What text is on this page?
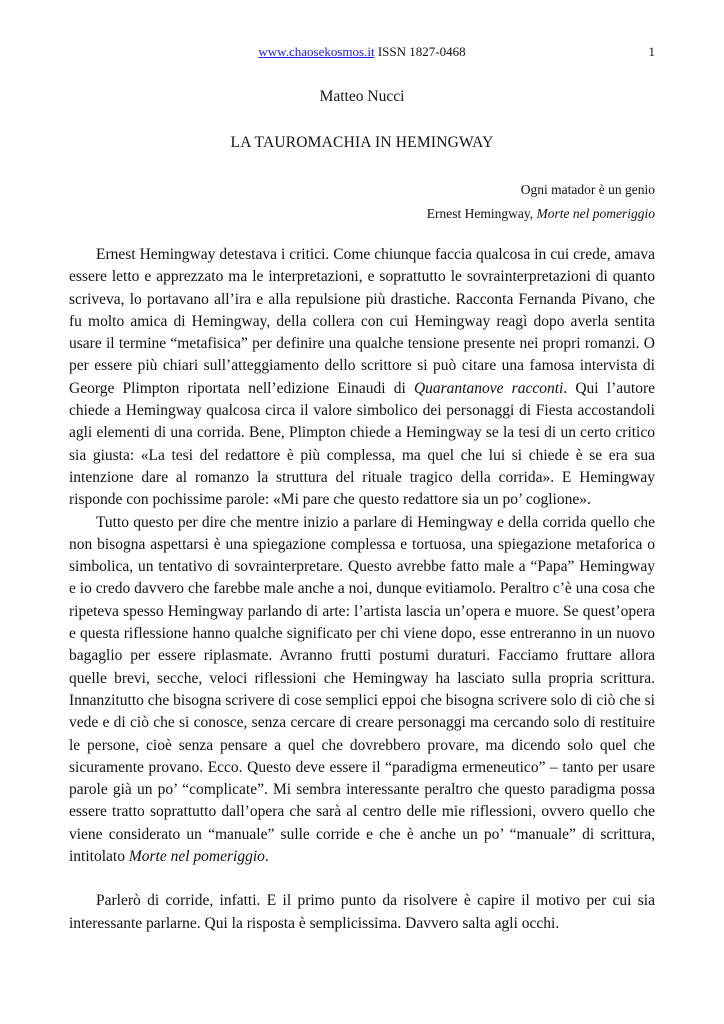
www.chaosekosmos.it ISSN 1827-0468	1
Matteo Nucci
LA TAUROMACHIA IN HEMINGWAY
Ogni matador è un genio
Ernest Hemingway, Morte nel pomeriggio

Ernest Hemingway detestava i critici. Come chiunque faccia qualcosa in cui crede, amava essere letto e apprezzato ma le interpretazioni, e soprattutto le sovrainterpretazioni di quanto scriveva, lo portavano all’ira e alla repulsione più drastiche. Racconta Fernanda Pivano, che fu molto amica di Hemingway, della collera con cui Hemingway reagì dopo averla sentita usare il termine “metafisica” per definire una qualche tensione presente nei propri romanzi. O per essere più chiari sull’atteggiamento dello scrittore si può citare una famosa intervista di George Plimpton riportata nell’edizione Einaudi di Quarantanove racconti. Qui l’autore chiede a Hemingway qualcosa circa il valore simbolico dei personaggi di Fiesta accostandoli agli elementi di una corrida. Bene, Plimpton chiede a Hemingway se la tesi di un certo critico sia giusta: «La tesi del redattore è più complessa, ma quel che lui si chiede è se era sua intenzione dare al romanzo la struttura del rituale tragico della corrida». E Hemingway risponde con pochissime parole: «Mi pare che questo redattore sia un po’ coglione».

Tutto questo per dire che mentre inizio a parlare di Hemingway e della corrida quello che non bisogna aspettarsi è una spiegazione complessa e tortuosa, una spiegazione metaforica o simbolica, un tentativo di sovrainterpretare. Questo avrebbe fatto male a “Papa” Hemingway e io credo davvero che farebbe male anche a noi, dunque evitiamolo. Peraltro c’è una cosa che ripeteva spesso Hemingway parlando di arte: l’artista lascia un’opera e muore. Se quest’opera e questa riflessione hanno qualche significato per chi viene dopo, esse entreranno in un nuovo bagaglio per essere riplasmate. Avranno frutti postumi duraturi. Facciamo fruttare allora quelle brevi, secche, veloci riflessioni che Hemingway ha lasciato sulla propria scrittura. Innanzitutto che bisogna scrivere di cose semplici eppoi che bisogna scrivere solo di ciò che si vede e di ciò che si conosce, senza cercare di creare personaggi ma cercando solo di restituire le persone, cioè senza pensare a quel che dovrebbero provare, ma dicendo solo quel che sicuramente provano. Ecco. Questo deve essere il “paradigma ermeneutico” – tanto per usare parole già un po’ “complicate”. Mi sembra interessante peraltro che questo paradigma possa essere tratto soprattutto dall’opera che sarà al centro delle mie riflessioni, ovvero quello che viene considerato un “manuale” sulle corride e che è anche un po’ “manuale” di scrittura, intitolato Morte nel pomeriggio.

Parlerò di corride, infatti. E il primo punto da risolvere è capire il motivo per cui sia interessante parlarne. Qui la risposta è semplicissima. Davvero salta agli occhi.
